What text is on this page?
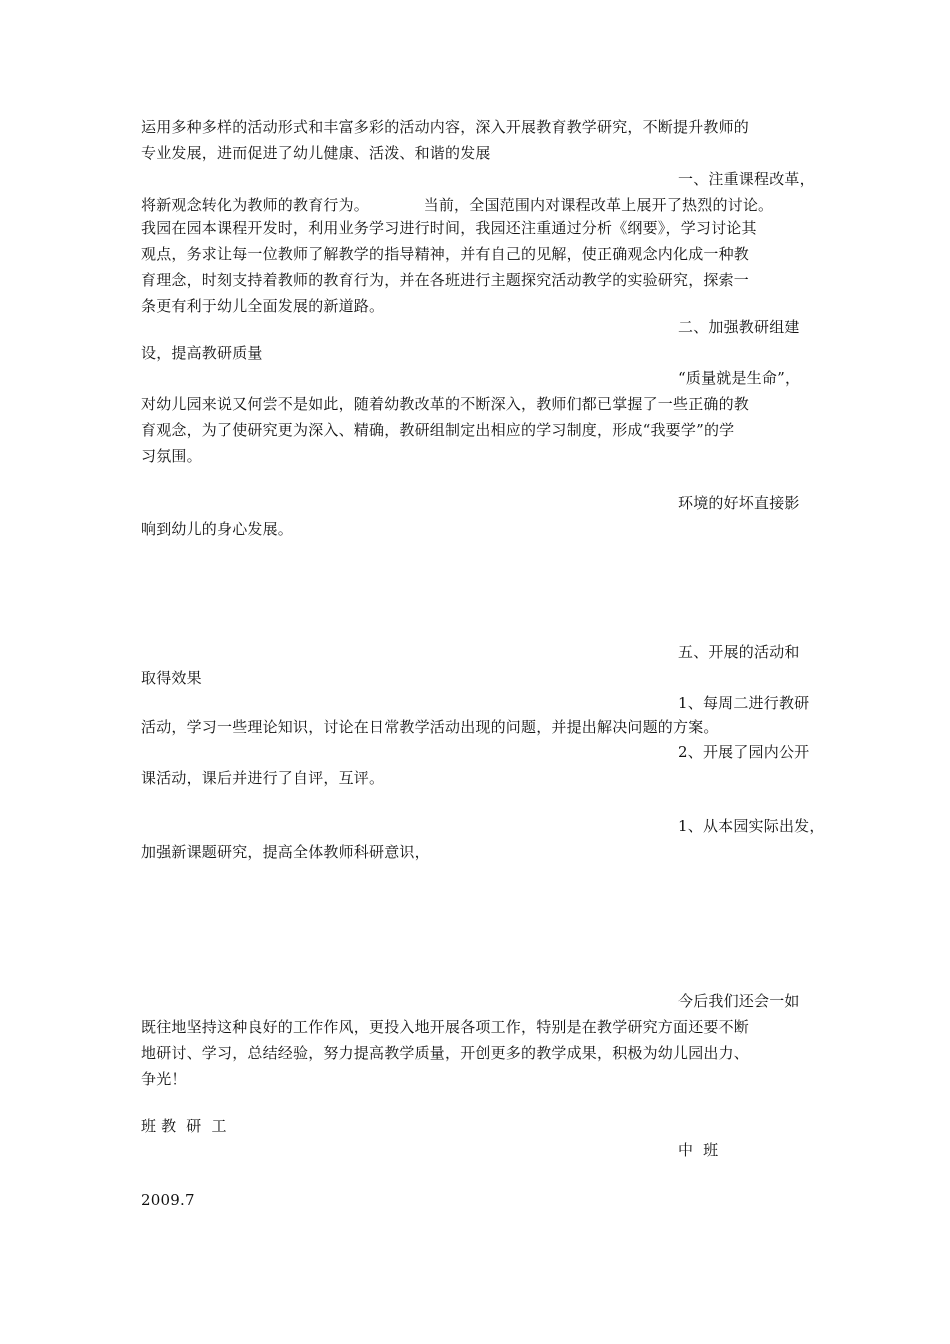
运用多种多样的活动形式和丰富多彩的活动内容，深入开展教育教学研究，不断提升教师的
专业发展，进而促进了幼儿健康、活泼、和谐的发展
一、注重课程改革，
将新观念转化为教师的教育行为。           当前，全国范围内对课程改革上展开了热烈的讨论。
我园在园本课程开发时，利用业务学习进行时间，我园还注重通过分析《纲要》，学习讨论其
观点，务求让每一位教师了解教学的指导精神，并有自己的见解，使正确观念内化成一种教
育理念，时刻支持着教师的教育行为，并在各班进行主题探究活动教学的实验研究，探索一
条更有利于幼儿全面发展的新道路。
二、加强教研组建
设，提高教研质量
“质量就是生命”，
对幼儿园来说又何尝不是如此，随着幼教改革的不断深入，教师们都已掌握了一些正确的教
育观念，为了使研究更为深入、精确，教研组制定出相应的学习制度，形成“我要学”的学
习氛围。
环境的好坏直接影
响到幼儿的身心发展。
五、开展的活动和
取得效果
1、每周二进行教研
活动，学习一些理论知识，讨论在日常教学活动出现的问题，并提出解决问题的方案。
2、开展了园内公开
课活动，课后并进行了自评，互评。
1、从本园实际出发，
加强新课题研究，提高全体教师科研意识，
今后我们还会一如
既往地坚持这种良好的工作作风，更投入地开展各项工作，特别是在教学研究方面还要不断
地研讨、学习，总结经验，努力提高教学质量，开创更多的教学成果，积极为幼儿园出力、
争光！
班 教  研  工
中  班
2009.7
